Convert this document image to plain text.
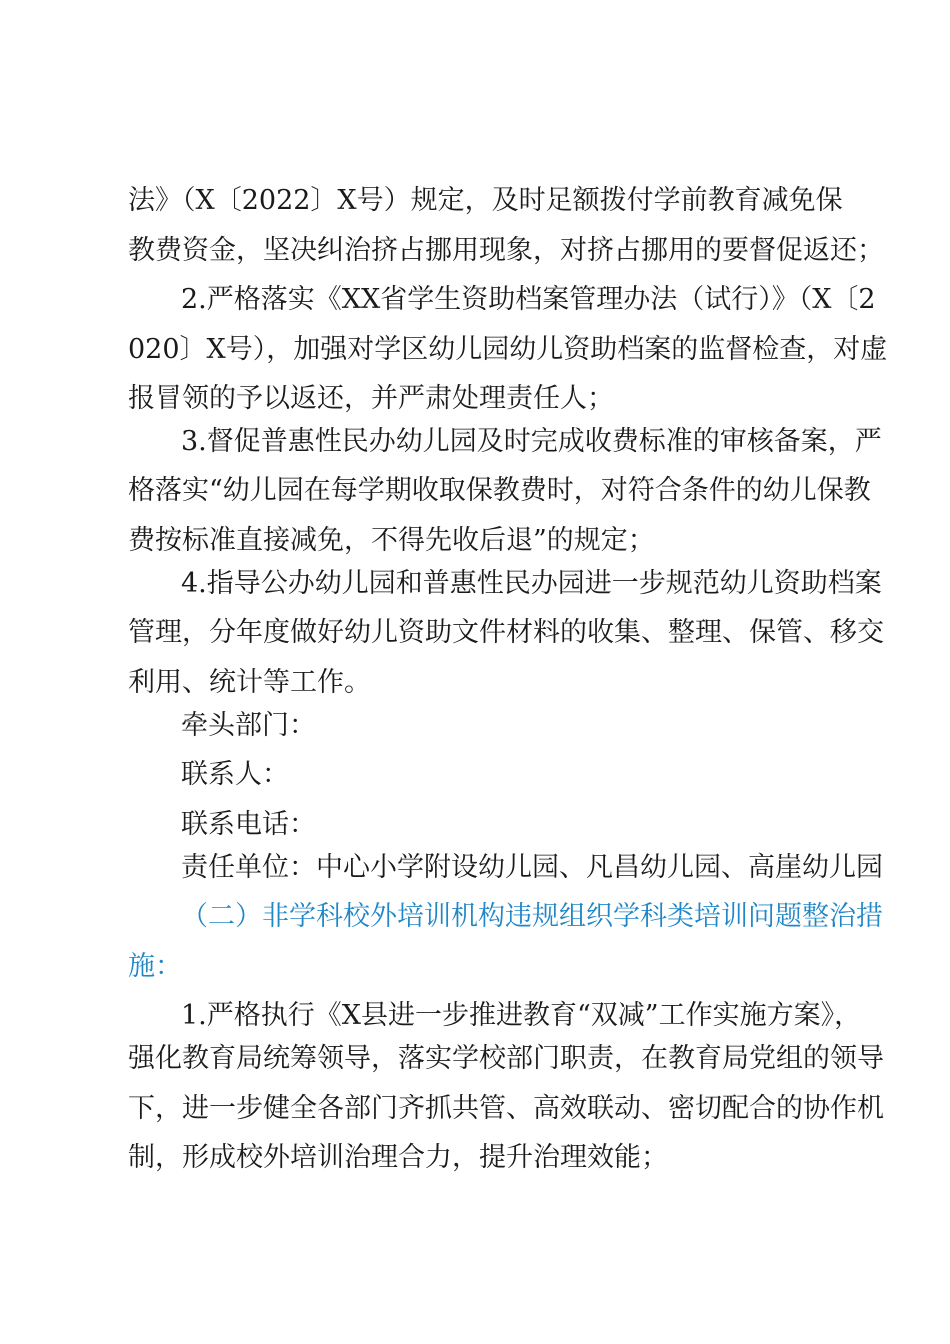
法》（X〔2022〕X号）规定，及时足额拨付学前教育减免保
教费资金，坚决纠治挤占挪用现象，对挤占挪用的要督促返还；
2.严格落实《XX省学生资助档案管理办法（试行）》（X〔2
020〕X号），加强对学区幼儿园幼儿资助档案的监督检查，对虚
报冒领的予以返还，并严肃处理责任人；
3.督促普惠性民办幼儿园及时完成收费标准的审核备案，严
格落实“幼儿园在每学期收取保教费时，对符合条件的幼儿保教
费按标准直接减免，不得先收后退”的规定；
4.指导公办幼儿园和普惠性民办园进一步规范幼儿资助档案
管理，分年度做好幼儿资助文件材料的收集、整理、保管、移交
利用、统计等工作。
牵头部门：
联系人：
联系电话：
责任单位：中心小学附设幼儿园、凡昌幼儿园、高崖幼儿园
（二）非学科校外培训机构违规组织学科类培训问题整治措
施：
1.严格执行《X县进一步推进教育“双减”工作实施方案》，
强化教育局统筹领导，落实学校部门职责，在教育局党组的领导
下，进一步健全各部门齐抓共管、高效联动、密切配合的协作机
制，形成校外培训治理合力，提升治理效能；
